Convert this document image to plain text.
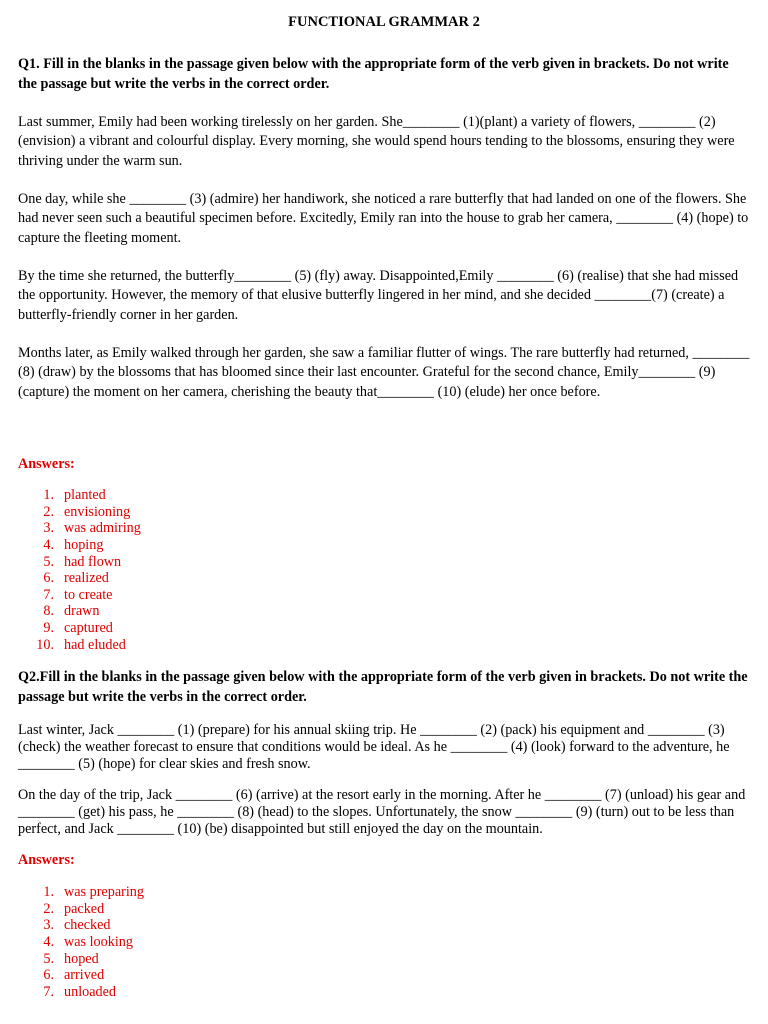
FUNCTIONAL GRAMMAR 2

Q1. Fill in the blanks in the passage given below with the appropriate form of the verb given in brackets. Do not write the passage but write the verbs in the correct order.

Last summer, Emily had been working tirelessly on her garden. She________ (1)(plant) a variety of flowers, ________ (2) (envision) a vibrant and colourful display. Every morning, she would spend hours tending to the blossoms, ensuring they were thriving under the warm sun.

One day, while she ________ (3) (admire) her handiwork, she noticed a rare butterfly that had landed on one of the flowers. She had never seen such a beautiful specimen before. Excitedly, Emily ran into the house to grab her camera, ________ (4) (hope) to capture the fleeting moment.

By the time she returned, the butterfly________ (5) (fly) away. Disappointed,Emily ________ (6) (realise) that she had missed the opportunity. However, the memory of that elusive butterfly lingered in her mind, and she decided ________(7) (create) a butterfly-friendly corner in her garden.

Months later, as Emily walked through her garden, she saw a familiar flutter of wings. The rare butterfly had returned, ________ (8) (draw) by the blossoms that has bloomed since their last encounter. Grateful for the second chance, Emily________ (9) (capture) the moment on her camera, cherishing the beauty that________ (10) (elude) her once before.

Answers:

1. planted
2. envisioning
3. was admiring
4. hoping
5. had flown
6. realized
7. to create
8. drawn
9. captured
10. had eluded

Q2.Fill in the blanks in the passage given below with the appropriate form of the verb given in brackets. Do not write the passage but write the verbs in the correct order.

Last winter, Jack ________ (1) (prepare) for his annual skiing trip. He ________ (2) (pack) his equipment and ________ (3) (check) the weather forecast to ensure that conditions would be ideal. As he ________ (4) (look) forward to the adventure, he ________ (5) (hope) for clear skies and fresh snow.

On the day of the trip, Jack ________ (6) (arrive) at the resort early in the morning. After he ________ (7) (unload) his gear and ________ (get) his pass, he ________ (8) (head) to the slopes. Unfortunately, the snow ________ (9) (turn) out to be less than perfect, and Jack ________ (10) (be) disappointed but still enjoyed the day on the mountain.

Answers:

1. was preparing
2. packed
3. checked
4. was looking
5. hoped
6. arrived
7. unloaded
